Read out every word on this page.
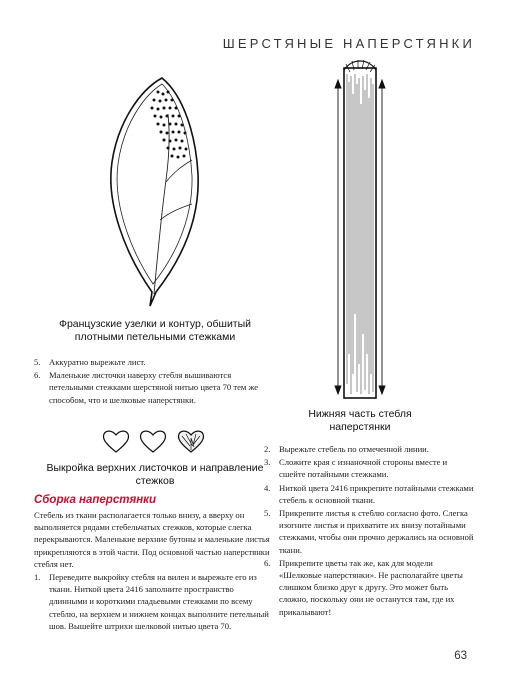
ШЕРСТЯНЫЕ НАПЕРСТЯНКИ
Французские узелки и контур, обшитый плотными петельными стежками
5. Аккуратно вырежьте лист.
6. Маленькие листочки наверху стебля вышиваются петельными стежками шерстяной нитью цвета 70 тем же способом, что и шелковые наперстянки.
Выкройка верхних листочков и направление стежков
Сборка наперстянки
Стебель из ткани располагается только внизу, а вверху он выполняется рядами стебельчатых стежков, которые слегка перекрываются. Маленькие верхние бутоны и маленькие листья прикрепляются в этой части. Под основной частью наперстянки стебля нет.
1. Переведите выкройку стебля на вилен и вырежьте его из ткани. Ниткой цвета 2416 заполните пространство длинными и короткими гладьевыми стежками по всему стеблю, на верхнем и нижнем концах выполните петельный шов. Вышейте штрихи шелковой нитью цвета 70.
Нижняя часть стебля наперстянки
2. Вырежьте стебель по отмеченной линии.
3. Сложите края с изнаночной стороны вместе и сшейте потайными стежками.
4. Ниткой цвета 2416 прикрепите потайными стежками стебель к основной ткани.
5. Прикрепите листья к стеблю согласно фото. Слегка изогните листья и прихватите их внизу потайными стежками, чтобы они прочно держались на основной ткани.
6. Прикрепите цветы так же, как для модели «Шелковые наперстянки». Не располагайте цветы слишком близко друг к другу. Это может быть сложно, поскольку они не останутся там, где их прикалывают!
63
